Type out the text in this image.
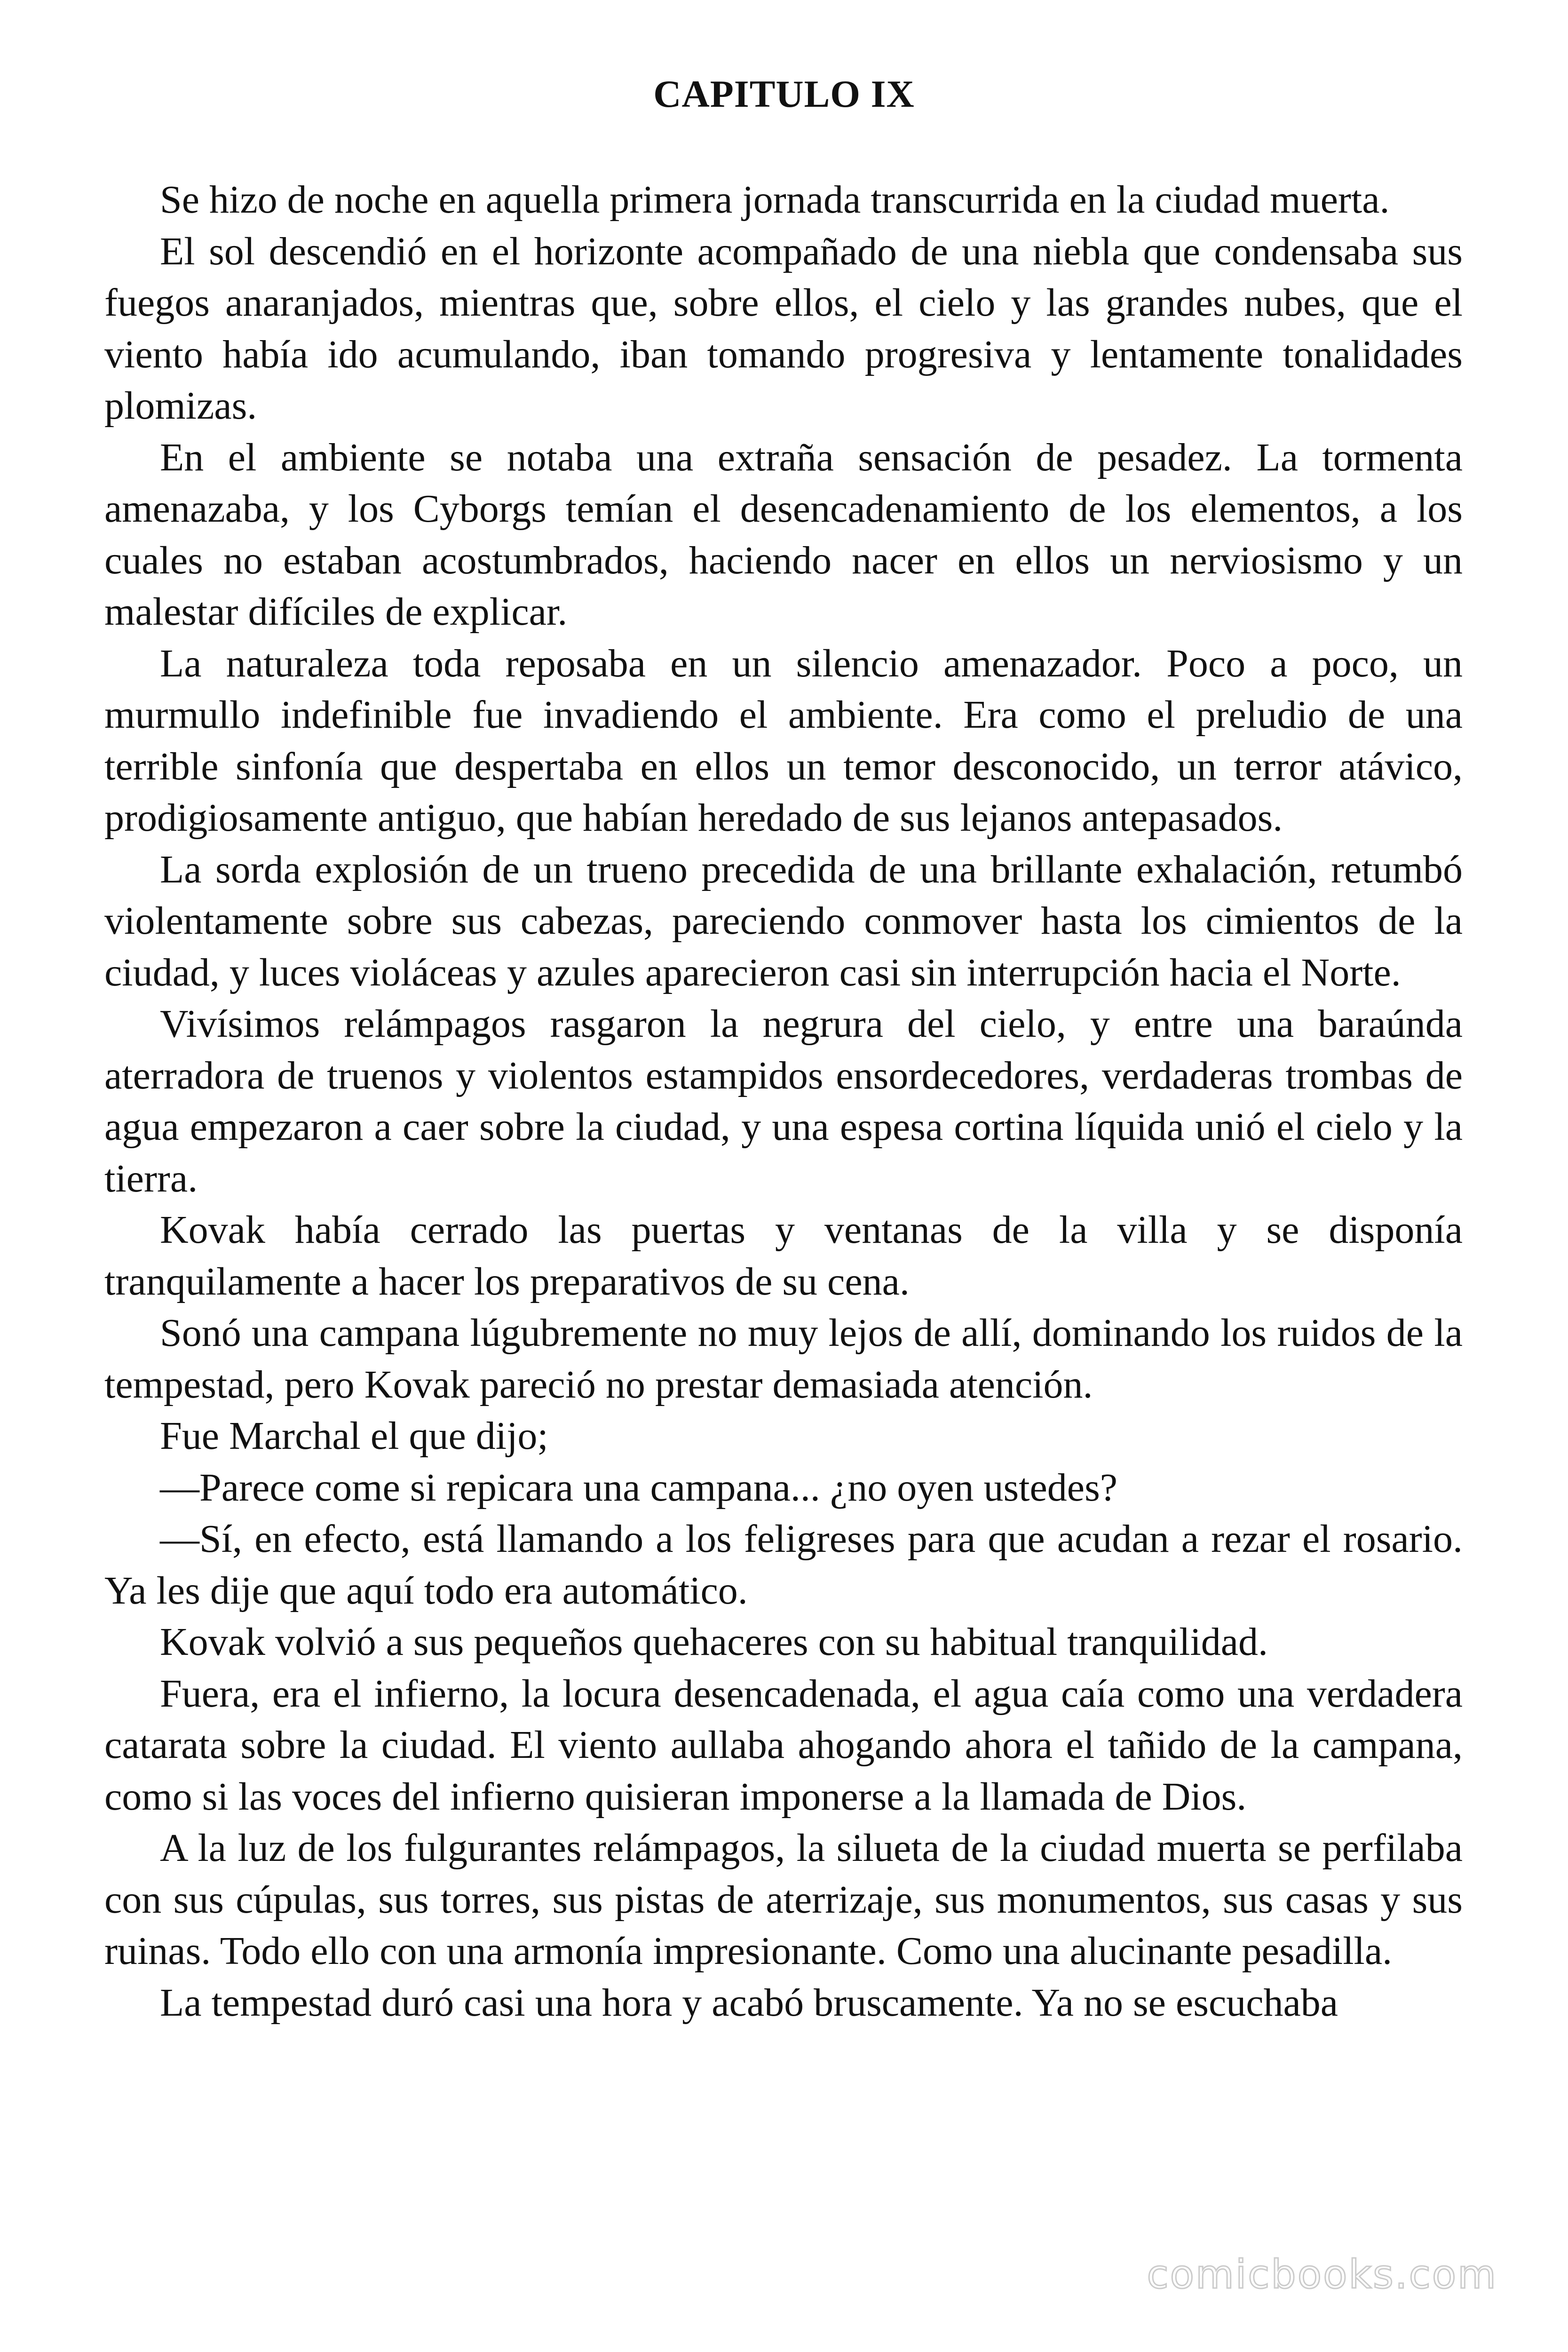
CAPITULO IX

Se hizo de noche en aquella primera jornada transcurrida en la ciudad muerta.

El sol descendió en el horizonte acompañado de una niebla que condensaba sus fuegos anaranjados, mientras que, sobre ellos, el cielo y las grandes nubes, que el viento había ido acumulando, iban tomando progresiva y lentamente tonalidades plomizas.

En el ambiente se notaba una extraña sensación de pesadez. La tormenta amenazaba, y los Cyborgs temían el desencadenamiento de los elementos, a los cuales no estaban acostumbrados, haciendo nacer en ellos un nerviosismo y un malestar difíciles de explicar.

La naturaleza toda reposaba en un silencio amenazador. Poco a poco, un murmullo indefinible fue invadiendo el ambiente. Era como el preludio de una terrible sinfonía que despertaba en ellos un temor desconocido, un terror atávico, prodigiosamente antiguo, que habían heredado de sus lejanos antepasados.

La sorda explosión de un trueno precedida de una brillante exhalación, retumbó violentamente sobre sus cabezas, pareciendo conmover hasta los cimientos de la ciudad, y luces violáceas y azules aparecieron casi sin interrupción hacia el Norte.

Vivísimos relámpagos rasgaron la negrura del cielo, y entre una baraúnda aterradora de truenos y violentos estampidos ensordecedores, verdaderas trombas de agua empezaron a caer sobre la ciudad, y una espesa cortina líquida unió el cielo y la tierra.

Kovak había cerrado las puertas y ventanas de la villa y se disponía tranquilamente a hacer los preparativos de su cena.

Sonó una campana lúgubremente no muy lejos de allí, dominando los ruidos de la tempestad, pero Kovak pareció no prestar demasiada atención.

Fue Marchal el que dijo;

—Parece come si repicara una campana... ¿no oyen ustedes?

—Sí, en efecto, está llamando a los feligreses para que acudan a rezar el rosario. Ya les dije que aquí todo era automático.

Kovak volvió a sus pequeños quehaceres con su habitual tranquilidad.

Fuera, era el infierno, la locura desencadenada, el agua caía como una verdadera catarata sobre la ciudad. El viento aullaba ahogando ahora el tañido de la campana, como si las voces del infierno quisieran imponerse a la llamada de Dios.

A la luz de los fulgurantes relámpagos, la silueta de la ciudad muerta se perfilaba con sus cúpulas, sus torres, sus pistas de aterrizaje, sus monumentos, sus casas y sus ruinas. Todo ello con una armonía impresionante. Como una alucinante pesadilla.

La tempestad duró casi una hora y acabó bruscamente. Ya no se escuchaba

comicbooks.com
